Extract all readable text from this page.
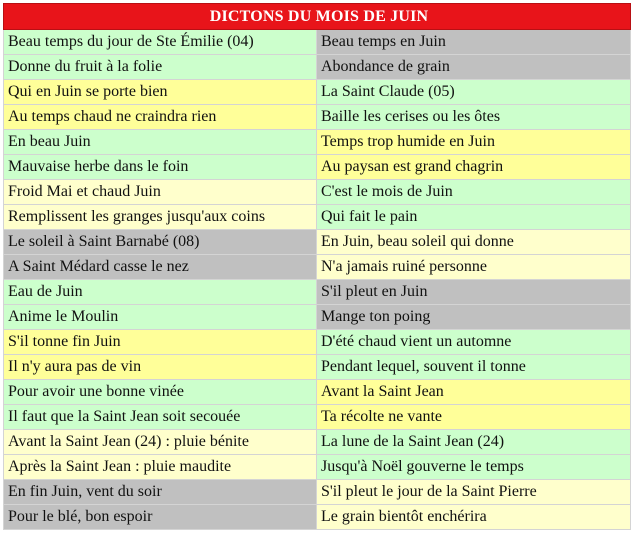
DICTONS DU MOIS DE JUIN	
Beau temps du jour de Ste Émilie (04)	Beau temps en Juin
Donne du fruit à la folie	Abondance de grain
Qui en Juin se porte bien	La Saint Claude (05)
Au temps chaud ne craindra rien	Baille les cerises ou les ôtes
En beau Juin	Temps trop humide en Juin
Mauvaise herbe dans le foin	Au paysan est grand chagrin
Froid Mai et chaud Juin	C'est le mois de Juin
Remplissent les granges jusqu'aux coins	Qui fait le pain
Le soleil à Saint Barnabé (08)	En Juin, beau soleil qui donne
A Saint Médard casse le nez	N'a jamais ruiné personne
Eau de Juin	S'il pleut en Juin
Anime le Moulin	Mange ton poing
S'il tonne fin Juin	D'été chaud vient un automne
Il n'y aura pas de vin	Pendant lequel, souvent il tonne
Pour avoir une bonne vinée	Avant la Saint Jean
Il faut que la Saint Jean soit secouée	Ta récolte ne vante
Avant la Saint Jean (24) : pluie bénite	La lune de la Saint Jean (24)
Après la Saint Jean : pluie maudite	Jusqu'à Noël gouverne le temps
En fin Juin, vent du soir	S'il pleut le jour de la Saint Pierre
Pour le blé, bon espoir	Le grain bientôt enchérira
